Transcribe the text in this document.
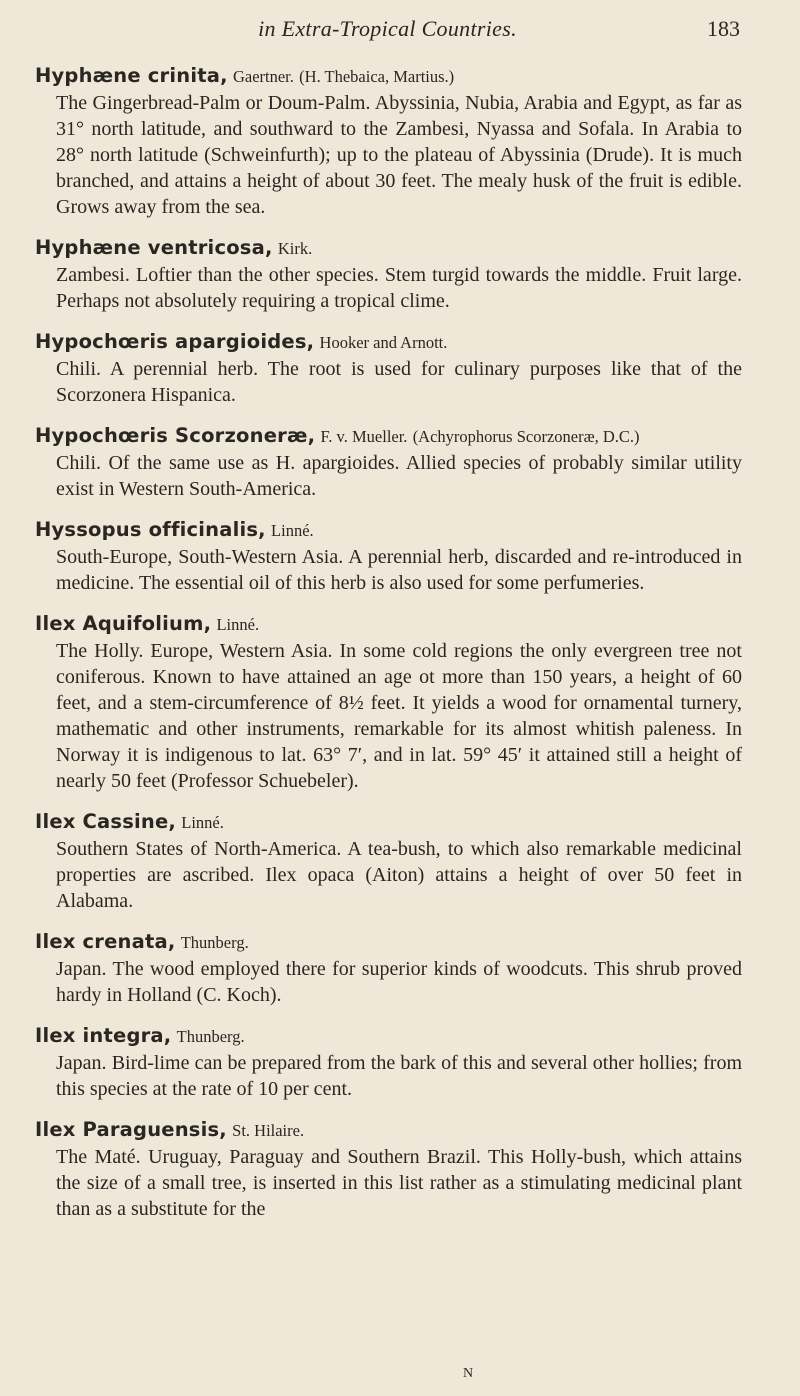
in Extra-Tropical Countries.	183

Hyphæne crinita, Gaertner. (H. Thebaica, Martius.)

The Gingerbread-Palm or Doum-Palm. Abyssinia, Nubia, Arabia and Egypt, as far as 31° north latitude, and southward to the Zambesi, Nyassa and Sofala. In Arabia to 28° north latitude (Schweinfurth); up to the plateau of Abyssinia (Drude). It is much branched, and attains a height of about 30 feet. The mealy husk of the fruit is edible. Grows away from the sea.

Hyphæne ventricosa, Kirk.

Zambesi. Loftier than the other species. Stem turgid towards the middle. Fruit large. Perhaps not absolutely requiring a tropical clime.

Hypochœris apargioides, Hooker and Arnott.

Chili. A perennial herb. The root is used for culinary purposes like that of the Scorzonera Hispanica.

Hypochœris Scorzoneræ, F. v. Mueller. (Achyrophorus Scorzoneræ, D.C.)

Chili. Of the same use as H. apargioides. Allied species of probably similar utility exist in Western South-America.

Hyssopus officinalis, Linné.

South-Europe, South-Western Asia. A perennial herb, discarded and re-introduced in medicine. The essential oil of this herb is also used for some perfumeries.

Ilex Aquifolium, Linné.

The Holly. Europe, Western Asia. In some cold regions the only evergreen tree not coniferous. Known to have attained an age ot more than 150 years, a height of 60 feet, and a stem-circumference of 8½ feet. It yields a wood for ornamental turnery, mathematic and other instruments, remarkable for its almost whitish paleness. In Norway it is indigenous to lat. 63° 7′, and in lat. 59° 45′ it attained still a height of nearly 50 feet (Professor Schuebeler).

Ilex Cassine, Linné.

Southern States of North-America. A tea-bush, to which also remarkable medicinal properties are ascribed. Ilex opaca (Aiton) attains a height of over 50 feet in Alabama.

Ilex crenata, Thunberg.

Japan. The wood employed there for superior kinds of woodcuts. This shrub proved hardy in Holland (C. Koch).

Ilex integra, Thunberg.

Japan. Bird-lime can be prepared from the bark of this and several other hollies; from this species at the rate of 10 per cent.

Ilex Paraguensis, St. Hilaire.

The Maté. Uruguay, Paraguay and Southern Brazil. This Holly-bush, which attains the size of a small tree, is inserted in this list rather as a stimulating medicinal plant than as a substitute for the

N
